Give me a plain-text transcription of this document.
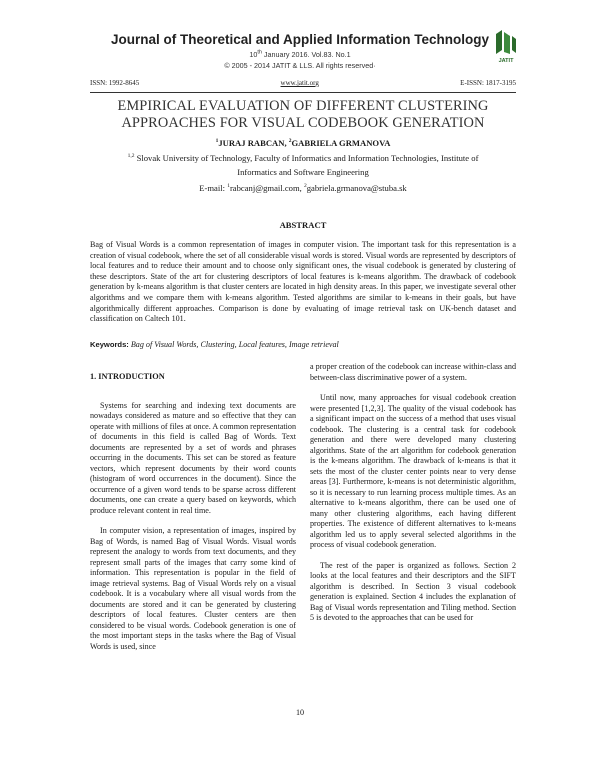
Journal of Theoretical and Applied Information Technology
10th January 2016. Vol.83. No.1
© 2005 - 2014 JATIT & LLS. All rights reserved·	JATIT
ISSN: 1992-8645	www.jatit.org	E-ISSN: 1817-3195
EMPIRICAL EVALUATION OF DIFFERENT CLUSTERING
APPROACHES FOR VISUAL CODEBOOK GENERATION
$^1$JURAJ RABCAN, $^2$GABRIELA GRMANOVA
$^{1,2}$ Slovak University of Technology, Faculty of Informatics and Information Technologies, Institute of
Informatics and Software Engineering
E-mail: $^1$rabcanj@gmail.com, $^2$gabriela.grmanova@stuba.sk
ABSTRACT
Bag of Visual Words is a common representation of images in computer vision. The important task for this representation is a creation of visual codebook, where the set of all considerable visual words is stored. Visual words are represented by descriptors of local features and to reduce their amount and to choose only significant ones, the visual codebook is generated by clustering of these descriptors. State of the art for clustering descriptors of local features is k-means algorithm. The drawback of codebook generation by k-means algorithm is that cluster centers are located in high density areas. In this paper, we investigate several other algorithms and we compare them with k-means algorithm. Tested algorithms are similar to k-means in their goals, but have algorithmically different approaches. Comparison is done by evaluating of image retrieval task on UK-bench dataset and classification on Caltech 101.
Keywords: Bag of Visual Words, Clustering, Local features, Image retrieval
1. INTRODUCTION

Systems for searching and indexing text documents are nowadays considered as mature and so effective that they can operate with millions of files at once. A common representation of documents in this field is called Bag of Words. Text documents are represented by a set of words and phrases occurring in the documents. This set can be stored as feature vectors, which represent documents by their word counts (histogram of word occurrences in the document). Since the occurrence of a given word tends to be sparse across different documents, one can create a query based on keywords, which produce relevant content in real time.

In computer vision, a representation of images, inspired by Bag of Words, is named Bag of Visual Words. Visual words represent the analogy to words from text documents, and they represent small parts of the images that carry some kind of information. This representation is popular in the field of image retrieval systems. Bag of Visual Words rely on a visual codebook. It is a vocabulary where all visual words from the documents are stored and it can be generated by clustering descriptors of local features. Cluster centers are then considered to be visual words. Codebook generation is one of the most important steps in the tasks where the Bag of Visual Words is used, since

a proper creation of the codebook can increase within-class and between-class discriminative power of a system.

Until now, many approaches for visual codebook creation were presented [1,2,3]. The quality of the visual codebook has a significant impact on the success of a method that uses visual codebook. The clustering is a central task for codebook generation and there were developed many clustering algorithms. State of the art algorithm for codebook generation is the k-means algorithm. The drawback of k-means is that it sets the most of the cluster center points near to very dense areas [3]. Furthermore, k-means is not deterministic algorithm, so it is necessary to run learning process multiple times. As an alternative to k-means algorithm, there can be used one of many other clustering algorithms, each having different properties. The existence of different alternatives to k-means algorithm led us to apply several selected algorithms in the process of visual codebook generation.

The rest of the paper is organized as follows. Section 2 looks at the local features and their descriptors and the SIFT algorithm is described. In Section 3 visual codebook generation is explained. Section 4 includes the explanation of Bag of Visual words representation and Tiling method. Section 5 is devoted to the approaches that can be used for

10
